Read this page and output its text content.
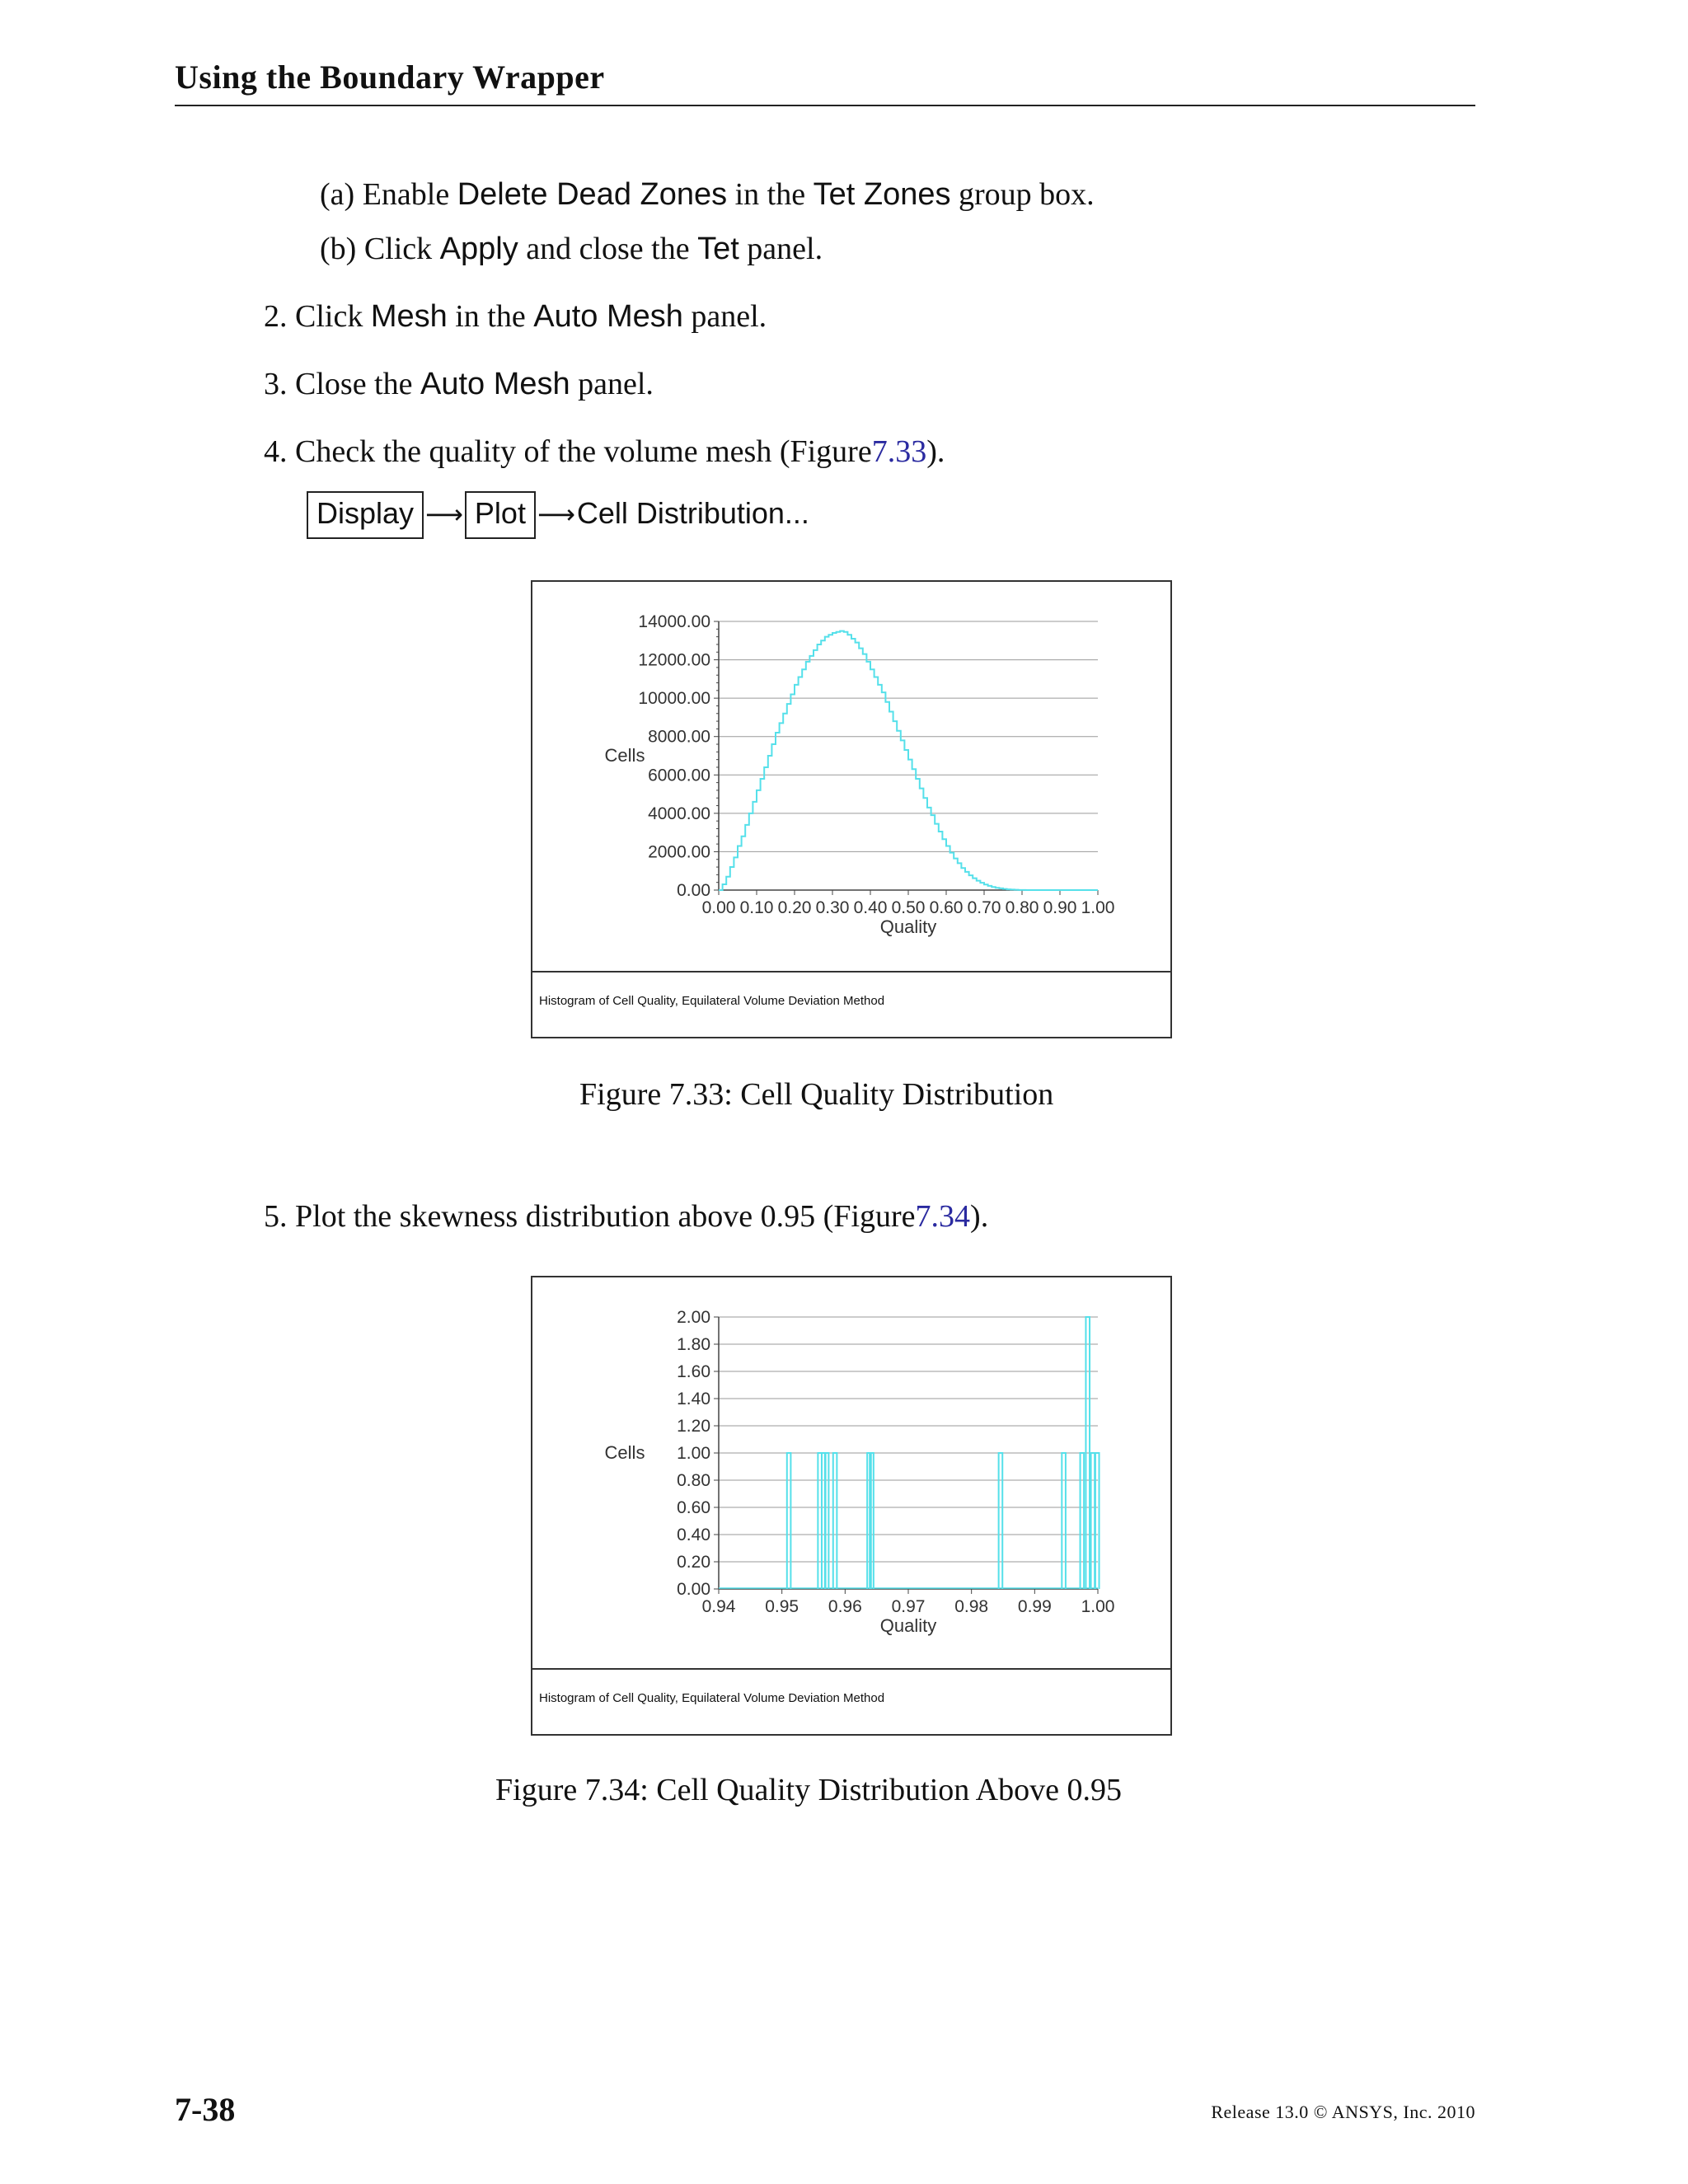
Using the Boundary Wrapper
(a) Enable Delete Dead Zones in the Tet Zones group box.
(b) Click Apply and close the Tet panel.
2. Click Mesh in the Auto Mesh panel.
3. Close the Auto Mesh panel.
4. Check the quality of the volume mesh (Figure7.33).
Display ⟶ Plot ⟶Cell Distribution...
0.00
2000.00
4000.00
6000.00
8000.00
10000.00
12000.00
14000.00
0.00 0.10 0.20 0.30 0.40 0.50 0.60 0.70 0.80 0.90 1.00
Quality
Cells
Histogram of Cell Quality, Equilateral Volume Deviation Method
Figure 7.33: Cell Quality Distribution
5. Plot the skewness distribution above 0.95 (Figure7.34).
0.00
0.20
0.40
0.60
0.80
1.00
1.20
1.40
1.60
1.80
2.00
0.94 0.95 0.96 0.97 0.98 0.99 1.00
Quality
Cells
Histogram of Cell Quality, Equilateral Volume Deviation Method
Figure 7.34: Cell Quality Distribution Above 0.95
7-38	Release 13.0 © ANSYS, Inc. 2010
